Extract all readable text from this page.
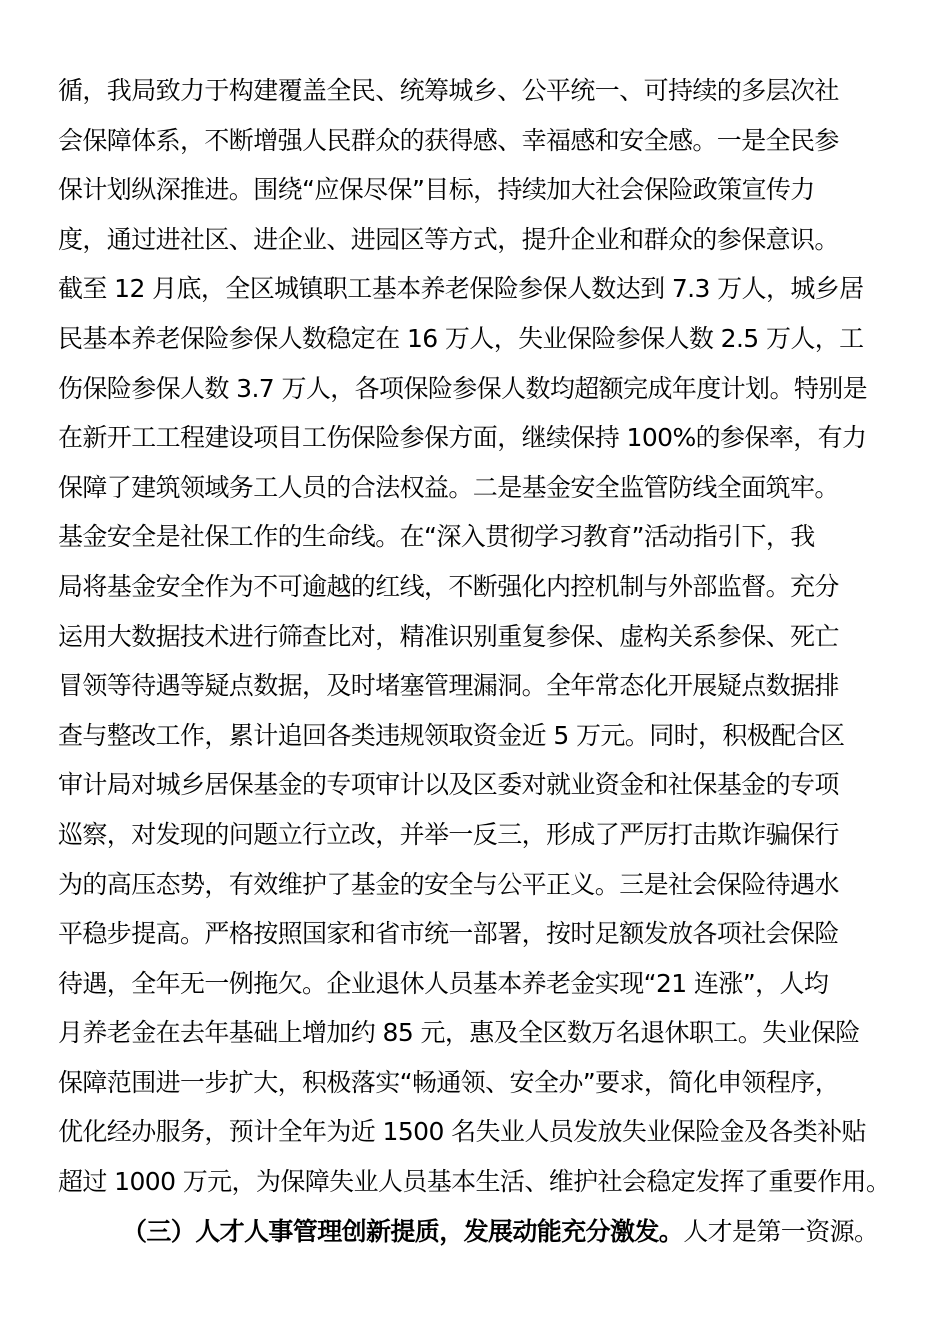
循，我局致力于构建覆盖全民、统筹城乡、公平统一、可持续的多层次社
会保障体系，不断增强人民群众的获得感、幸福感和安全感。一是全民参
保计划纵深推进。围绕“应保尽保”目标，持续加大社会保险政策宣传力
度，通过进社区、进企业、进园区等方式，提升企业和群众的参保意识。
截至 12 月底，全区城镇职工基本养老保险参保人数达到 7.3 万人，城乡居
民基本养老保险参保人数稳定在 16 万人，失业保险参保人数 2.5 万人，工
伤保险参保人数 3.7 万人，各项保险参保人数均超额完成年度计划。特别是
在新开工工程建设项目工伤保险参保方面，继续保持 100%的参保率，有力
保障了建筑领域务工人员的合法权益。二是基金安全监管防线全面筑牢。
基金安全是社保工作的生命线。在“深入贯彻学习教育”活动指引下，我
局将基金安全作为不可逾越的红线，不断强化内控机制与外部监督。充分
运用大数据技术进行筛查比对，精准识别重复参保、虚构关系参保、死亡
冒领等待遇等疑点数据，及时堵塞管理漏洞。全年常态化开展疑点数据排
查与整改工作，累计追回各类违规领取资金近 5 万元。同时，积极配合区
审计局对城乡居保基金的专项审计以及区委对就业资金和社保基金的专项
巡察，对发现的问题立行立改，并举一反三，形成了严厉打击欺诈骗保行
为的高压态势，有效维护了基金的安全与公平正义。三是社会保险待遇水
平稳步提高。严格按照国家和省市统一部署，按时足额发放各项社会保险
待遇，全年无一例拖欠。企业退休人员基本养老金实现“21 连涨”，人均
月养老金在去年基础上增加约 85 元，惠及全区数万名退休职工。失业保险
保障范围进一步扩大，积极落实“畅通领、安全办”要求，简化申领程序，
优化经办服务，预计全年为近 1500 名失业人员发放失业保险金及各类补贴
超过 1000 万元，为保障失业人员基本生活、维护社会稳定发挥了重要作用。
（三）人才人事管理创新提质，发展动能充分激发。人才是第一资源。
